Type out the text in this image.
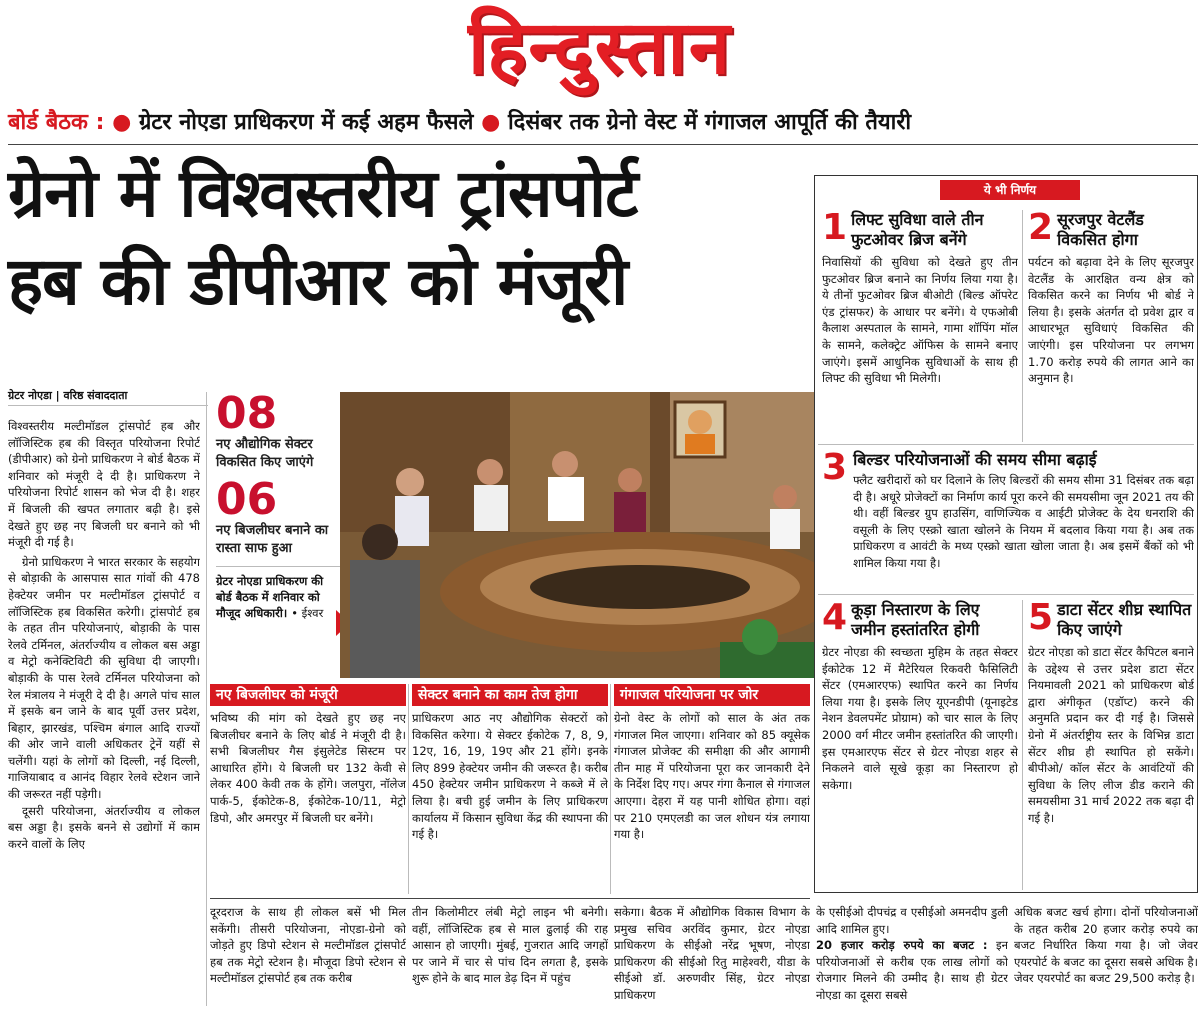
हिन्दुस्तान
बोर्ड बैठक : ● ग्रेटर नोएडा प्राधिकरण में कई अहम फैसले ● दिसंबर तक ग्रेनो वेस्ट में गंगाजल आपूर्ति की तैयारी
ग्रेनो में विश्वस्तरीय ट्रांसपोर्ट
हब की डीपीआर को मंजूरी
ग्रेटर नोएडा | वरिष्ठ संवाददाता

विश्वस्तरीय मल्टीमॉडल ट्रांसपोर्ट हब और लॉजिस्टिक हब की विस्तृत परियोजना रिपोर्ट (डीपीआर) को ग्रेनो प्राधिकरण ने बोर्ड बैठक में शनिवार को मंजूरी दे दी है। प्राधिकरण ने परियोजना रिपोर्ट शासन को भेज दी है। शहर में बिजली की खपत लगातार बढ़ी है। इसे देखते हुए छह नए बिजली घर बनाने को भी मंजूरी दी गई है।

ग्रेनो प्राधिकरण ने भारत सरकार के सहयोग से बोड़ाकी के आसपास सात गांवों की 478 हेक्टेयर जमीन पर मल्टीमॉडल ट्रांसपोर्ट व लॉजिस्टिक हब विकसित करेगी। ट्रांसपोर्ट हब के तहत तीन परियोजनाएं, बोड़ाकी के पास रेलवे टर्मिनल, अंतर्राज्यीय व लोकल बस अड्डा व मेट्रो कनेक्टिविटी की सुविधा दी जाएगी। बोड़ाकी के पास रेलवे टर्मिनल परियोजना को रेल मंत्रालय ने मंजूरी दे दी है। अगले पांच साल में इसके बन जाने के बाद पूर्वी उत्तर प्रदेश, बिहार, झारखंड, पश्चिम बंगाल आदि राज्यों की ओर जाने वाली अधिकतर ट्रेनें यहीं से चलेंगी। यहां के लोगों को दिल्ली, नई दिल्ली, गाजियाबाद व आनंद विहार रेलवे स्टेशन जाने की जरूरत नहीं पड़ेगी।

दूसरी परियोजना, अंतर्राज्यीय व लोकल बस अड्डा है। इसके बनने से उद्योगों में काम करने वालों के लिए

08
नए औद्योगिक सेक्टर विकसित किए जाएंगे
06
नए बिजलीघर बनाने का रास्ता साफ हुआ
ग्रेटर नोएडा प्राधिकरण की बोर्ड बैठक में शनिवार को मौजूद अधिकारी। • ईश्वर
नए बिजलीघर को मंजूरी

भविष्य की मांग को देखते हुए छह नए बिजलीघर बनाने के लिए बोर्ड ने मंजूरी दी है। सभी बिजलीघर गैस इंसुलेटेड सिस्टम पर आधारित होंगे। ये बिजली घर 132 केवी से लेकर 400 केवी तक के होंगे। जलपुरा, नॉलेज पार्क-5, ईकोटेक-8, ईकोटेक-10/11, मेट्रो डिपो, और अमरपुर में बिजली घर बनेंगे।

सेक्टर बनाने का काम तेज होगा

प्राधिकरण आठ नए औद्योगिक सेक्टरों को विकसित करेगा। ये सेक्टर ईकोटेक 7, 8, 9, 12ए, 16, 19, 19ए और 21 होंगे। इनके लिए 899 हेक्टेयर जमीन की जरूरत है। करीब 450 हेक्टेयर जमीन प्राधिकरण ने कब्जे में ले लिया है। बची हुई जमीन के लिए प्राधिकरण कार्यालय में किसान सुविधा केंद्र की स्थापना की गई है।

गंगाजल परियोजना पर जोर

ग्रेनो वेस्ट के लोगों को साल के अंत तक गंगाजल मिल जाएगा। शनिवार को 85 क्यूसेक गंगाजल प्रोजेक्ट की समीक्षा की और आगामी तीन माह में परियोजना पूरा कर जानकारी देने के निर्देश दिए गए। अपर गंगा कैनाल से गंगाजल आएगा। देहरा में यह पानी शोधित होगा। वहां पर 210 एमएलडी का जल शोधन यंत्र लगाया गया है।

दूरदराज के साथ ही लोकल बसें भी मिल सकेंगी। तीसरी परियोजना, नोएडा-ग्रेनो को जोड़ते हुए डिपो स्टेशन से मल्टीमॉडल ट्रांसपोर्ट हब तक मेट्रो स्टेशन है। मौजूदा डिपो स्टेशन से मल्टीमॉडल ट्रांसपोर्ट हब तक करीब

तीन किलोमीटर लंबी मेट्रो लाइन भी बनेगी। वहीं, लॉजिस्टिक हब से माल ढुलाई की राह आसान हो जाएगी। मुंबई, गुजरात आदि जगहों पर जाने में चार से पांच दिन लगता है, इसके शुरू होने के बाद माल डेढ़ दिन में पहुंच

सकेगा। बैठक में औद्योगिक विकास विभाग के प्रमुख सचिव अरविंद कुमार, ग्रेटर नोएडा प्राधिकरण के सीईओ नरेंद्र भूषण, नोएडा प्राधिकरण की सीईओ रितु माहेश्वरी, यीडा के सीईओ डॉ. अरुणवीर सिंह, ग्रेटर नोएडा प्राधिकरण

के एसीईओ दीपचंद्र व एसीईओ अमनदीप डुली आदि शामिल हुए।

20 हजार करोड़ रुपये का बजट : इन परियोजनाओं से करीब एक लाख लोगों को रोजगार मिलने की उम्मीद है। साथ ही ग्रेटर नोएडा का दूसरा सबसे

अधिक बजट खर्च होगा। दोनों परियोजनाओं के तहत करीब 20 हजार करोड़ रुपये का बजट निर्धारित किया गया है। जो जेवर एयरपोर्ट के बजट का दूसरा सबसे अधिक है। जेवर एयरपोर्ट का बजट 29,500 करोड़ है।

ये भी निर्णय
1 लिफ्ट सुविधा वाले तीन फुटओवर ब्रिज बनेंगे

निवासियों की सुविधा को देखते हुए तीन फुटओवर ब्रिज बनाने का निर्णय लिया गया है। ये तीनों फुटओवर ब्रिज बीओटी (बिल्ड ऑपरेट एंड ट्रांसफर) के आधार पर बनेंगे। ये एफओबी कैलाश अस्पताल के सामने, गामा शॉपिंग मॉल के सामने, कलेक्ट्रेट ऑफिस के सामने बनाए जाएंगे। इसमें आधुनिक सुविधाओं के साथ ही लिफ्ट की सुविधा भी मिलेगी।

2 सूरजपुर वेटलैंड विकसित होगा

पर्यटन को बढ़ावा देने के लिए सूरजपुर वेटलैंड के आरक्षित वन्य क्षेत्र को विकसित करने का निर्णय भी बोर्ड ने लिया है। इसके अंतर्गत दो प्रवेश द्वार व आधारभूत सुविधाएं विकसित की जाएंगी। इस परियोजना पर लगभग 1.70 करोड़ रुपये की लागत आने का अनुमान है।

3 बिल्डर परियोजनाओं की समय सीमा बढ़ाई

फ्लैट खरीदारों को घर दिलाने के लिए बिल्डरों की समय सीमा 31 दिसंबर तक बढ़ा दी है। अधूरे प्रोजेक्टों का निर्माण कार्य पूरा करने की समयसीमा जून 2021 तय की थी। वहीं बिल्डर ग्रुप हाउसिंग, वाणिज्यिक व आईटी प्रोजेक्ट के देय धनराशि की वसूली के लिए एस्क्रो खाता खोलने के नियम में बदलाव किया गया है। अब तक प्राधिकरण व आवंटी के मध्य एस्क्रो खाता खोला जाता है। अब इसमें बैंकों को भी शामिल किया गया है।

4 कूड़ा निस्तारण के लिए जमीन हस्तांतरित होगी

ग्रेटर नोएडा की स्वच्छता मुहिम के तहत सेक्टर ईकोटेक 12 में मैटेरियल रिकवरी फैसिलिटी सेंटर (एमआरएफ) स्थापित करने का निर्णय लिया गया है। इसके लिए यूएनडीपी (यूनाइटेड नेशन डेवलपमेंट प्रोग्राम) को चार साल के लिए 2000 वर्ग मीटर जमीन हस्तांतरित की जाएगी। इस एमआरएफ सेंटर से ग्रेटर नोएडा शहर से निकलने वाले सूखे कूड़ा का निस्तारण हो सकेगा।

5 डाटा सेंटर शीघ्र स्थापित किए जाएंगे

ग्रेटर नोएडा को डाटा सेंटर कैपिटल बनाने के उद्देश्य से उत्तर प्रदेश डाटा सेंटर नियमावली 2021 को प्राधिकरण बोर्ड द्वारा अंगीकृत (एडॉप्ट) करने की अनुमति प्रदान कर दी गई है। जिससे ग्रेनो में अंतर्राष्ट्रीय स्तर के विभिन्न डाटा सेंटर शीघ्र ही स्थापित हो सकेंगे। बीपीओ/ कॉल सेंटर के आवंटियों की सुविधा के लिए लीज डीड कराने की समयसीमा 31 मार्च 2022 तक बढ़ा दी गई है।
